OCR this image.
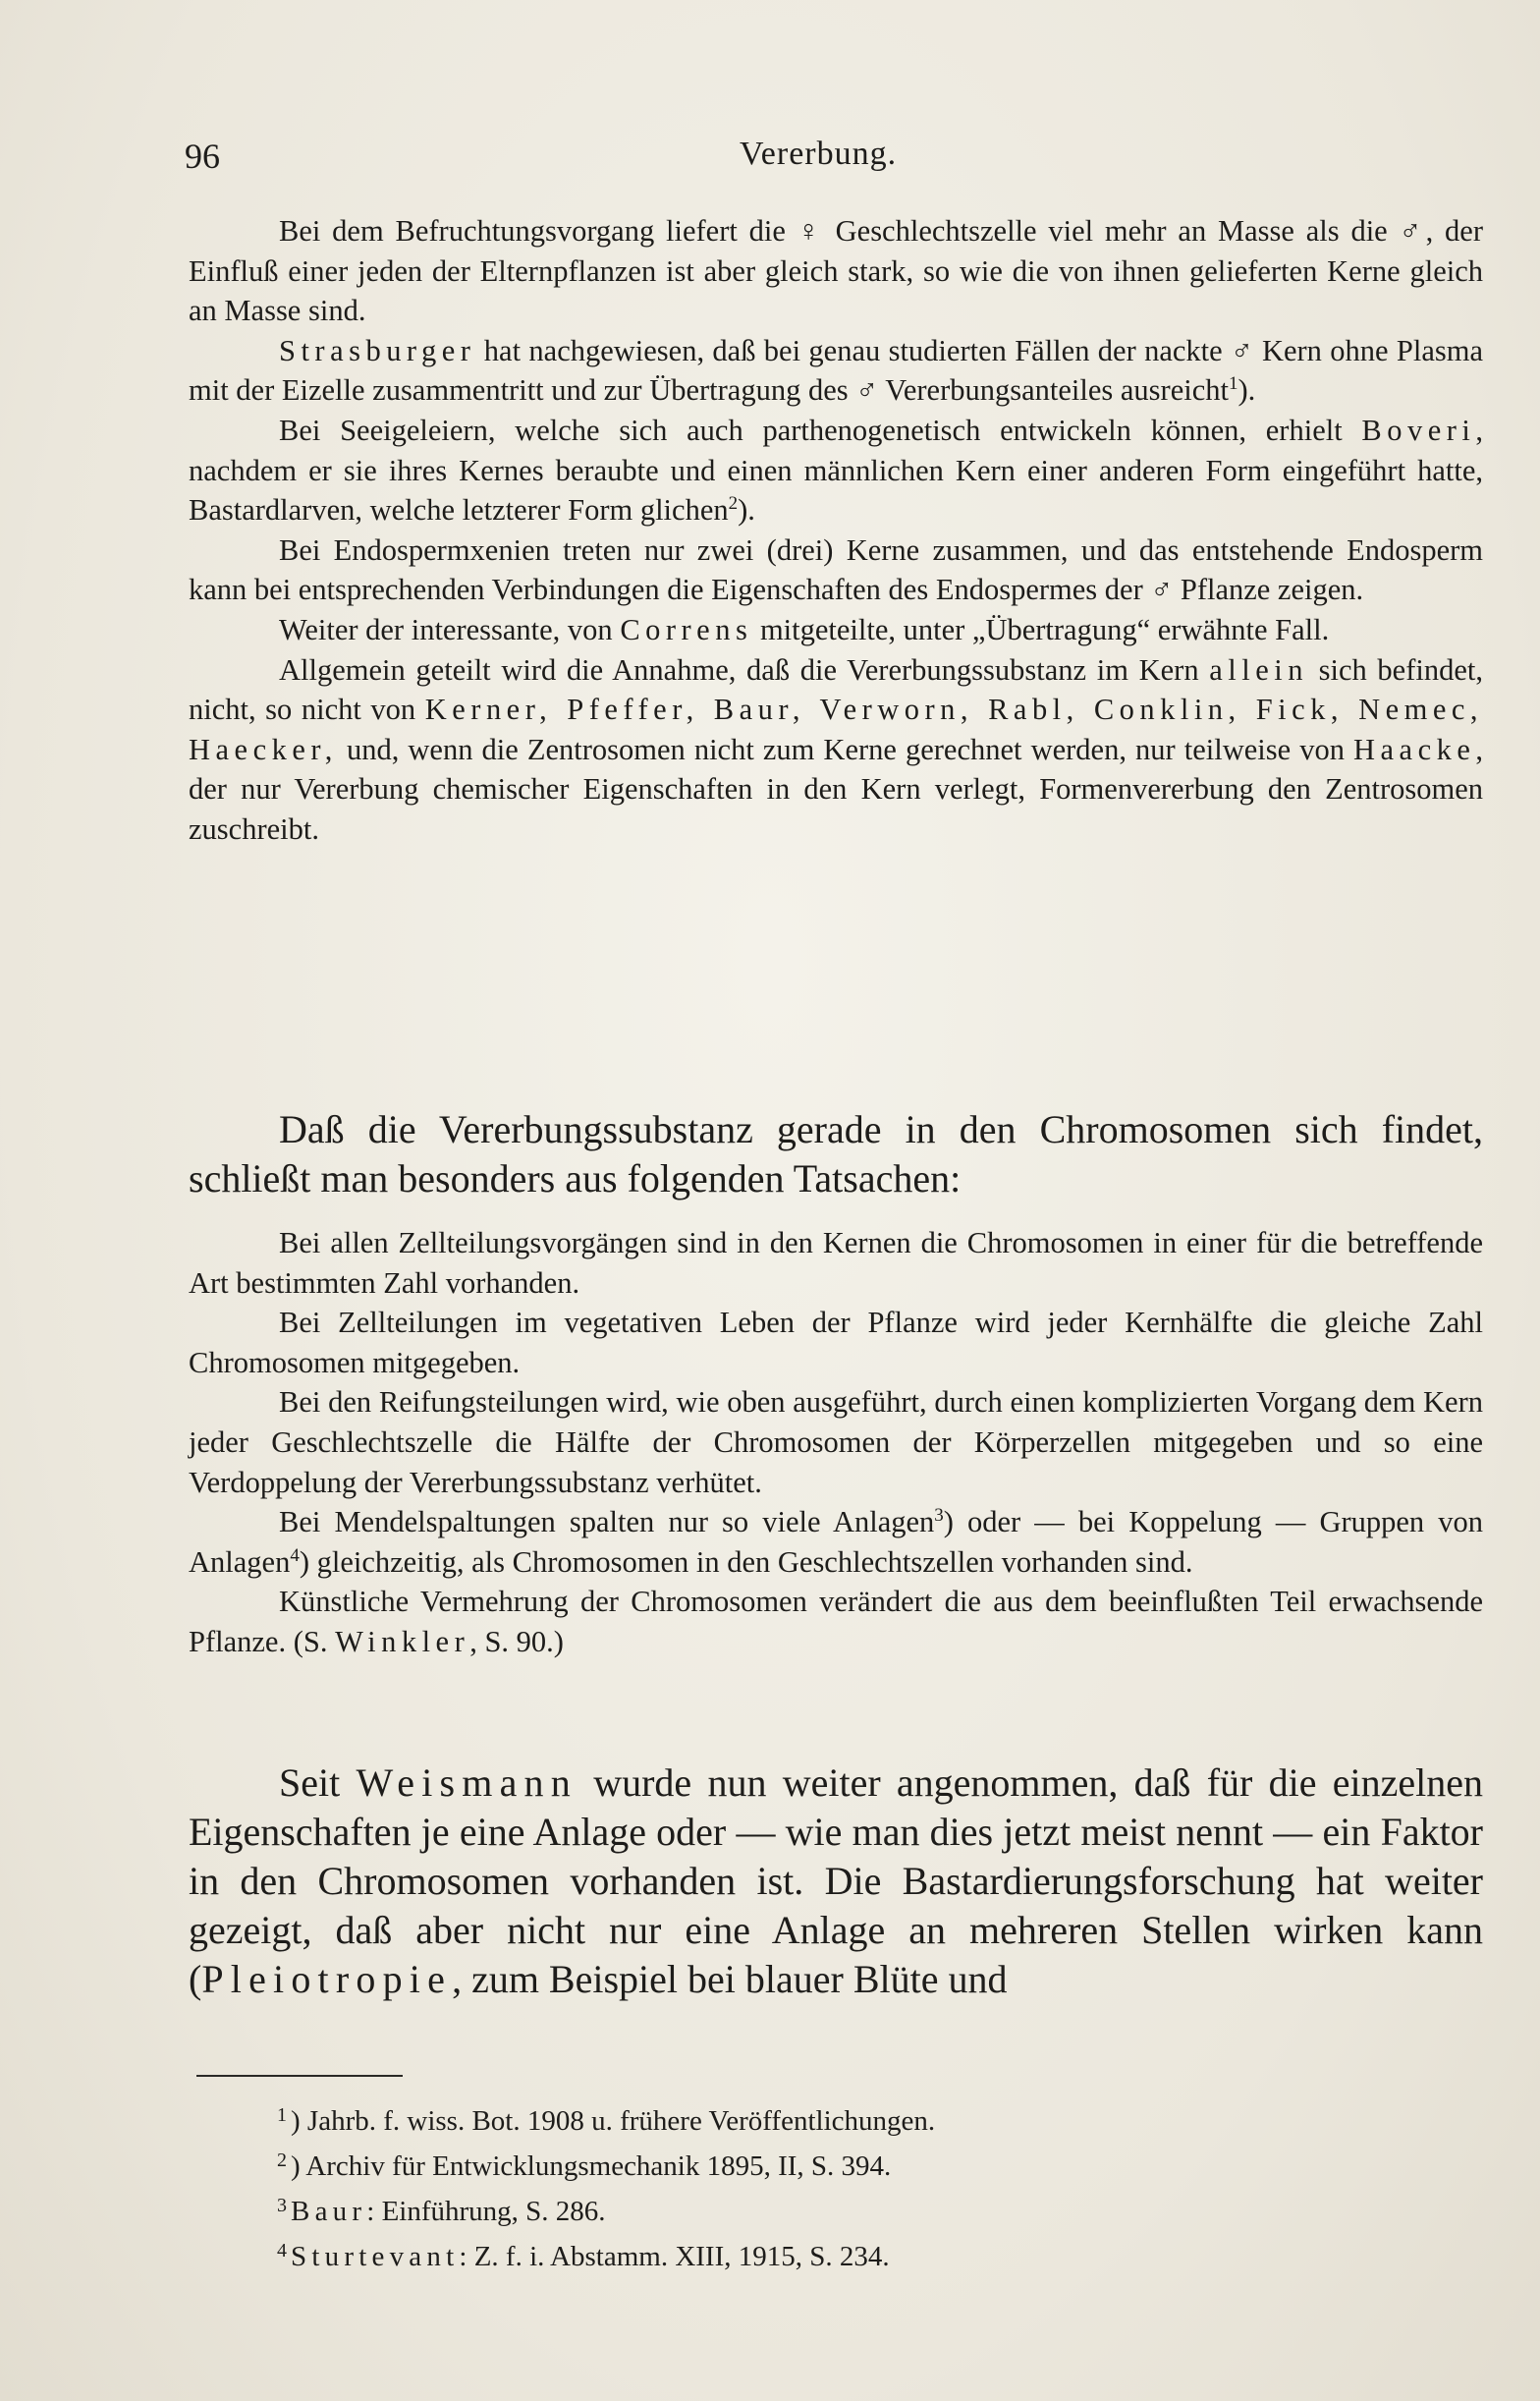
96	Vererbung.

Bei dem Befruchtungsvorgang liefert die ♀ Geschlechtszelle viel mehr an Masse als die ♂, der Einfluß einer jeden der Elternpflanzen ist aber gleich stark, so wie die von ihnen gelieferten Kerne gleich an Masse sind.

Strasburger hat nachgewiesen, daß bei genau studierten Fällen der nackte ♂ Kern ohne Plasma mit der Eizelle zusammentritt und zur Übertragung des ♂ Vererbungsanteiles ausreicht$^1$).

Bei Seeigeleiern, welche sich auch parthenogenetisch entwickeln können, erhielt Boveri, nachdem er sie ihres Kernes beraubte und einen männlichen Kern einer anderen Form eingeführt hatte, Bastardlarven, welche letzterer Form glichen$^2$).

Bei Endospermxenien treten nur zwei (drei) Kerne zusammen, und das entstehende Endosperm kann bei entsprechenden Verbindungen die Eigenschaften des Endospermes der ♂ Pflanze zeigen.

Weiter der interessante, von Correns mitgeteilte, unter „Übertragung“ erwähnte Fall.

Allgemein geteilt wird die Annahme, daß die Vererbungssubstanz im Kern allein sich befindet, nicht, so nicht von Kerner, Pfeffer, Baur, Verworn, Rabl, Conklin, Fick, Nemec, Haecker, und, wenn die Zentrosomen nicht zum Kerne gerechnet werden, nur teilweise von Haacke, der nur Vererbung chemischer Eigenschaften in den Kern verlegt, Formenvererbung den Zentrosomen zuschreibt.

Daß die Vererbungssubstanz gerade in den Chromosomen sich findet, schließt man besonders aus folgenden Tatsachen:

Bei allen Zellteilungsvorgängen sind in den Kernen die Chromosomen in einer für die betreffende Art bestimmten Zahl vorhanden.

Bei Zellteilungen im vegetativen Leben der Pflanze wird jeder Kernhälfte die gleiche Zahl Chromosomen mitgegeben.

Bei den Reifungsteilungen wird, wie oben ausgeführt, durch einen komplizierten Vorgang dem Kern jeder Geschlechtszelle die Hälfte der Chromosomen der Körperzellen mitgegeben und so eine Verdoppelung der Vererbungssubstanz verhütet.

Bei Mendelspaltungen spalten nur so viele Anlagen$^3$) oder — bei Koppelung — Gruppen von Anlagen$^4$) gleichzeitig, als Chromosomen in den Geschlechtszellen vorhanden sind.

Künstliche Vermehrung der Chromosomen verändert die aus dem beeinflußten Teil erwachsende Pflanze. (S. Winkler, S. 90.)

Seit Weismann wurde nun weiter angenommen, daß für die einzelnen Eigenschaften je eine Anlage oder — wie man dies jetzt meist nennt — ein Faktor in den Chromosomen vorhanden ist. Die Bastardierungsforschung hat weiter gezeigt, daß aber nicht nur eine Anlage an mehreren Stellen wirken kann (Pleiotropie, zum Beispiel bei blauer Blüte und

$^1$ ) Jahrb. f. wiss. Bot. 1908 u. frühere Veröffentlichungen.
$^2$ ) Archiv für Entwicklungsmechanik 1895, II, S. 394.
$^3$ Baur: Einführung, S. 286.
$^4$ Sturtevant: Z. f. i. Abstamm. XIII, 1915, S. 234.
